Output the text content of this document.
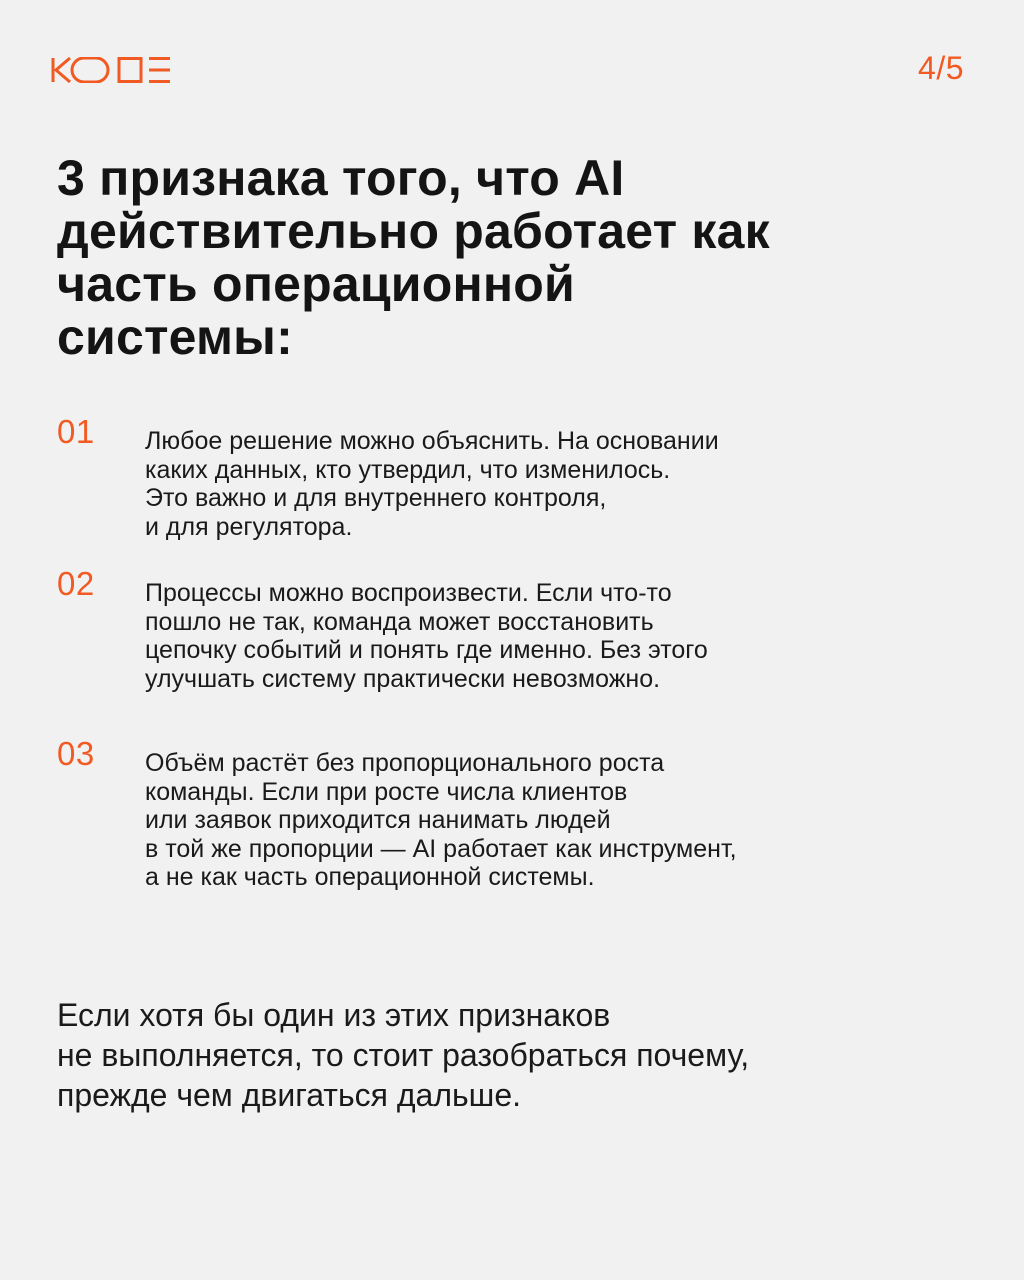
4/5
3 признака того, что AI действительно работает как часть операционной системы:
01 Любое решение можно объяснить. На основании
каких данных, кто утвердил, что изменилось.
Это важно и для внутреннего контроля,
и для регулятора.
02 Процессы можно воспроизвести. Если что-то
пошло не так, команда может восстановить
цепочку событий и понять где именно. Без этого
улучшать систему практически невозможно.
03 Объём растёт без пропорционального роста
команды. Если при росте числа клиентов
или заявок приходится нанимать людей
в той же пропорции — AI работает как инструмент,
а не как часть операционной системы.
Если хотя бы один из этих признаков
не выполняется, то стоит разобраться почему,
прежде чем двигаться дальше.
